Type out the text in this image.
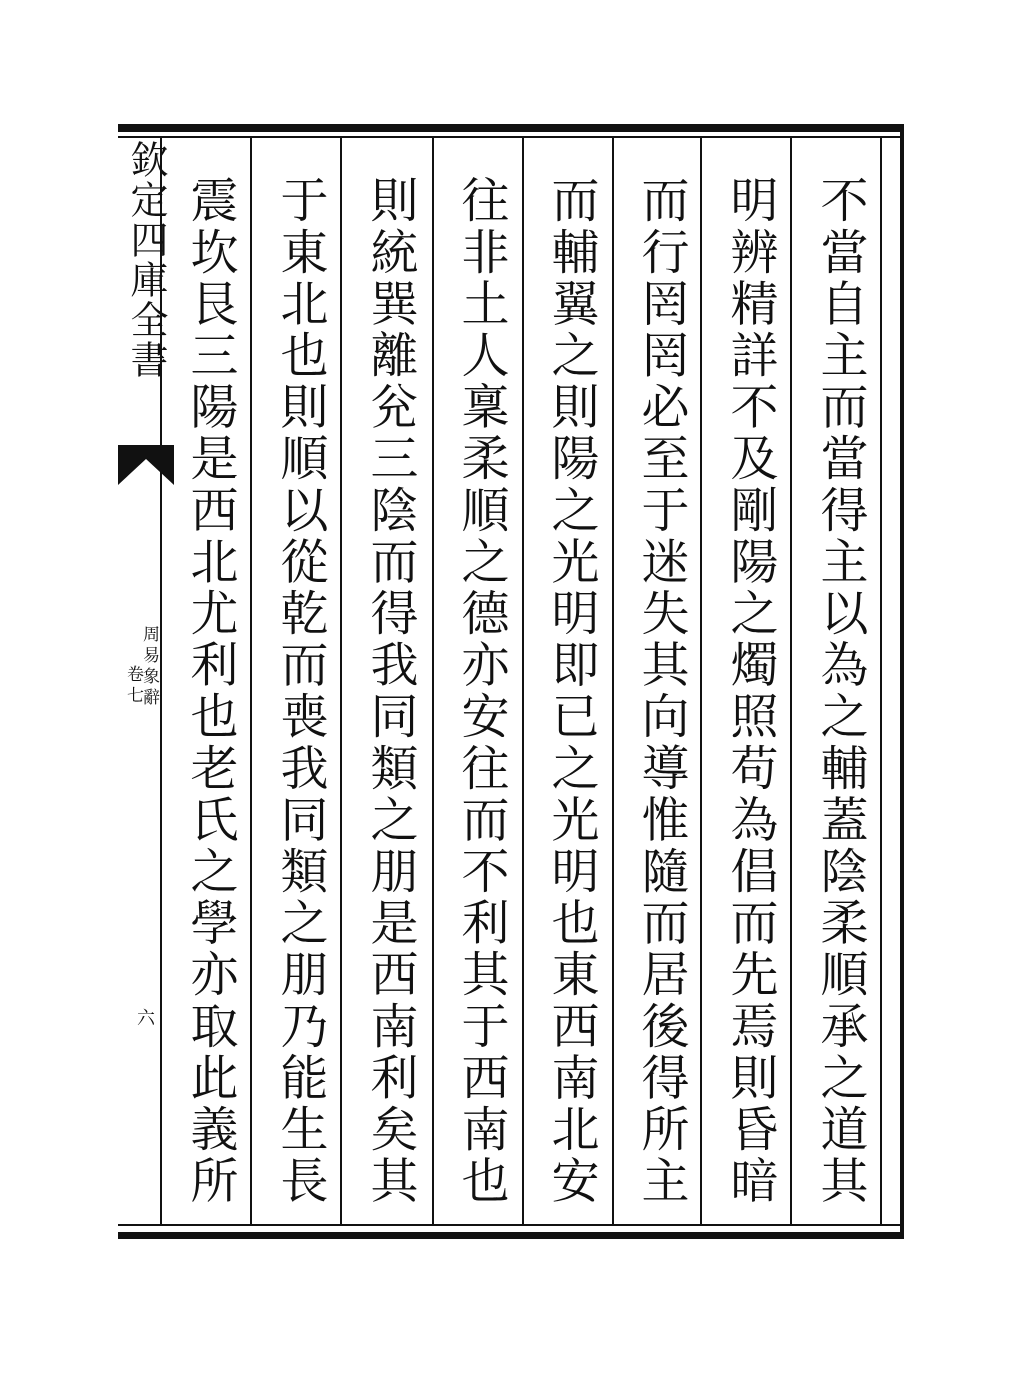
欽定四庫全書
周易象辭
卷七
六	不當自主而當得主以為之輔蓋陰柔順承之道其
明辨精詳不及剛陽之燭照苟為倡而先焉則昏暗
而行罔罔必至于迷失其向導惟隨而居後得所主
而輔翼之則陽之光明即已之光明也東西南北安
往非土人稟柔順之德亦安往而不利其于西南也
則統巽離兊三陰而得我同類之朋是西南利矣其
于東北也則順以從乾而喪我同類之朋乃能生長
震坎艮三陽是西北尤利也老氏之學亦取此義所
